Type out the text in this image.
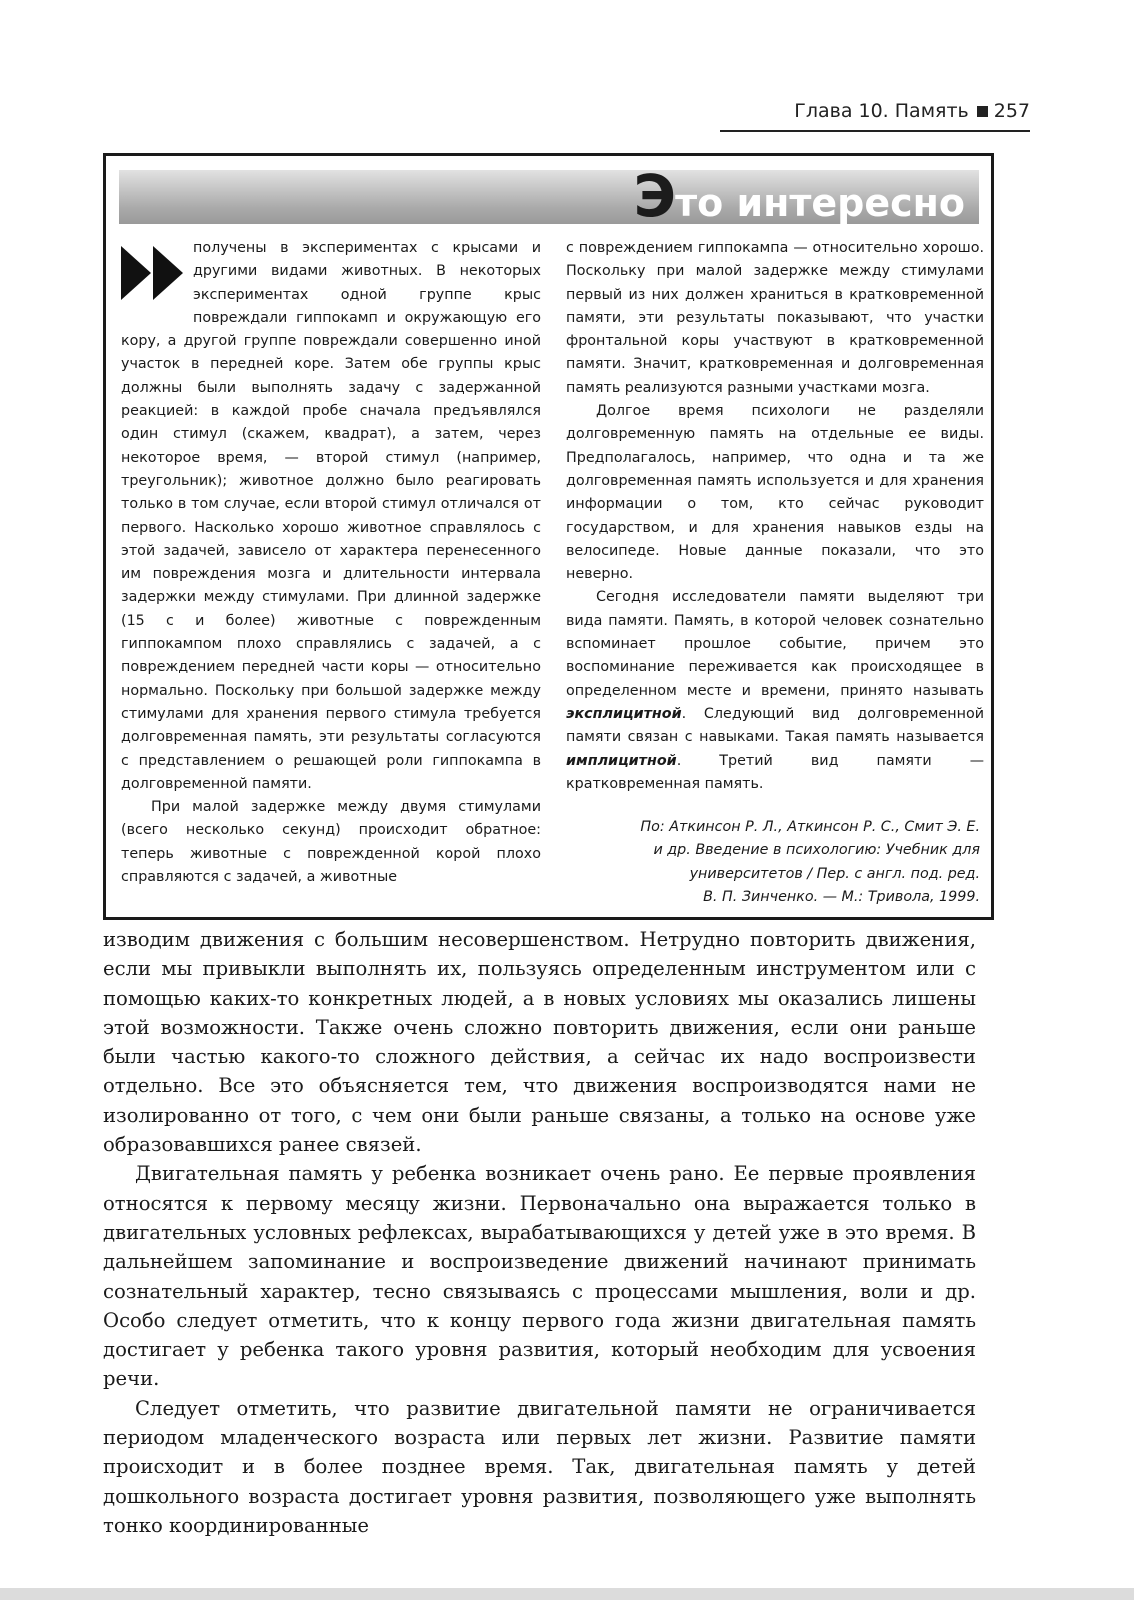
Глава 10. Память 257
Это интересно

получены в экспериментах с крысами и другими видами животных. В некоторых экспериментах одной группе крыс повреждали гиппокамп и окружающую его кору, а другой группе повреждали совершенно иной участок в передней коре. Затем обе группы крыс должны были выполнять задачу с задержанной реакцией: в каждой пробе сначала предъявлялся один стимул (скажем, квадрат), а затем, через некоторое время, — второй стимул (например, треугольник); животное должно было реагировать только в том случае, если второй стимул отличался от первого. Насколько хорошо животное справлялось с этой задачей, зависело от характера перенесенного им повреждения мозга и длительности интервала задержки между стимулами. При длинной задержке (15 с и более) животные с поврежденным гиппокампом плохо справлялись с задачей, а с повреждением передней части коры — относительно нормально. Поскольку при большой задержке между стимулами для хранения первого стимула требуется долговременная память, эти результаты согласуются с представлением о решающей роли гиппокампа в долговременной памяти.

При малой задержке между двумя стимулами (всего несколько секунд) происходит обратное: теперь животные с поврежденной корой плохо справляются с задачей, а животные

с повреждением гиппокампа — относительно хорошо. Поскольку при малой задержке между стимулами первый из них должен храниться в кратковременной памяти, эти результаты показывают, что участки фронтальной коры участвуют в кратковременной памяти. Значит, кратковременная и долговременная память реализуются разными участками мозга.

Долгое время психологи не разделяли долговременную память на отдельные ее виды. Предполагалось, например, что одна и та же долговременная память используется и для хранения информации о том, кто сейчас руководит государством, и для хранения навыков езды на велосипеде. Новые данные показали, что это неверно.

Сегодня исследователи памяти выделяют три вида памяти. Память, в которой человек сознательно вспоминает прошлое событие, причем это воспоминание переживается как происходящее в определенном месте и времени, принято называть эксплицитной. Следующий вид долговременной памяти связан с навыками. Такая память называется имплицитной. Третий вид памяти — кратковременная память.

По: Аткинсон Р. Л., Аткинсон Р. С., Смит Э. Е.
и др. Введение в психологию: Учебник для
университетов / Пер. с англ. под. ред.
В. П. Зинченко. — М.: Тривола, 1999.

изводим движения с большим несовершенством. Нетрудно повторить движения, если мы привыкли выполнять их, пользуясь определенным инструментом или с помощью каких-то конкретных людей, а в новых условиях мы оказались лишены этой возможности. Также очень сложно повторить движения, если они раньше были частью какого-то сложного действия, а сейчас их надо воспроизвести отдельно. Все это объясняется тем, что движения воспроизводятся нами не изолированно от того, с чем они были раньше связаны, а только на основе уже образовавшихся ранее связей.

Двигательная память у ребенка возникает очень рано. Ее первые проявления относятся к первому месяцу жизни. Первоначально она выражается только в двигательных условных рефлексах, вырабатывающихся у детей уже в это время. В дальнейшем запоминание и воспроизведение движений начинают принимать сознательный характер, тесно связываясь с процессами мышления, воли и др. Особо следует отметить, что к концу первого года жизни двигательная память достигает у ребенка такого уровня развития, который необходим для усвоения речи.

Следует отметить, что развитие двигательной памяти не ограничивается периодом младенческого возраста или первых лет жизни. Развитие памяти происходит и в более позднее время. Так, двигательная память у детей дошкольного возраста достигает уровня развития, позволяющего уже выполнять тонко координированные
